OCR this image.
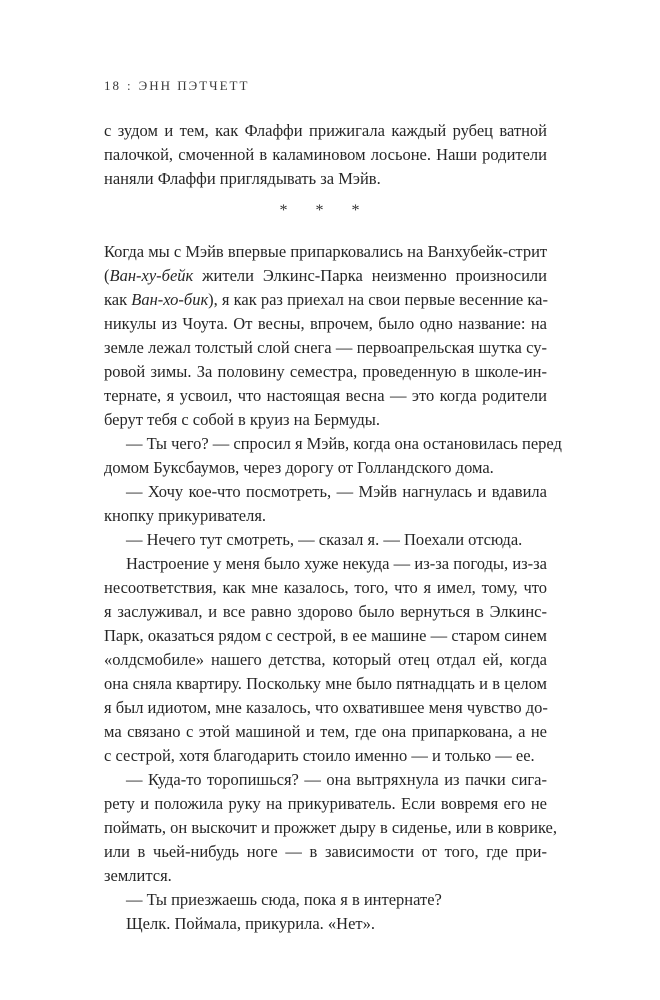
18 : ЭНН ПЭТЧЕТТ
с зудом и тем, как Флаффи прижигала каждый рубец ватной
палочкой, смоченной в каламиновом лосьоне. Наши родители
наняли Флаффи приглядывать за Мэйв.
* * *
Когда мы с Мэйв впервые припарковались на Ванхубейк-стрит
(Ван-ху-бейк жители Элкинс-Парка неизменно произносили
как Ван-хо-бик), я как раз приехал на свои первые весенние ка-
никулы из Чоута. От весны, впрочем, было одно название: на
земле лежал толстый слой снега — первоапрельская шутка су-
ровой зимы. За половину семестра, проведенную в школе-ин-
тернате, я усвоил, что настоящая весна — это когда родители
берут тебя с собой в круиз на Бермуды.
— Ты чего? — спросил я Мэйв, когда она остановилась перед
домом Буксбаумов, через дорогу от Голландского дома.
— Хочу кое-что посмотреть, — Мэйв нагнулась и вдавила
кнопку прикуривателя.
— Нечего тут смотреть, — сказал я. — Поехали отсюда.
Настроение у меня было хуже некуда — из-за погоды, из-за
несоответствия, как мне казалось, того, что я имел, тому, что
я заслуживал, и все равно здорово было вернуться в Элкинс-
Парк, оказаться рядом с сестрой, в ее машине — старом синем
«олдсмобиле» нашего детства, который отец отдал ей, когда
она сняла квартиру. Поскольку мне было пятнадцать и в целом
я был идиотом, мне казалось, что охватившее меня чувство до-
ма связано с этой машиной и тем, где она припаркована, а не
с сестрой, хотя благодарить стоило именно — и только — ее.
— Куда-то торопишься? — она вытряхнула из пачки сига-
рету и положила руку на прикуриватель. Если вовремя его не
поймать, он выскочит и прожжет дыру в сиденье, или в коврике,
или в чьей-нибудь ноге — в зависимости от того, где при-
землится.
— Ты приезжаешь сюда, пока я в интернате?
Щелк. Поймала, прикурила. «Нет».
